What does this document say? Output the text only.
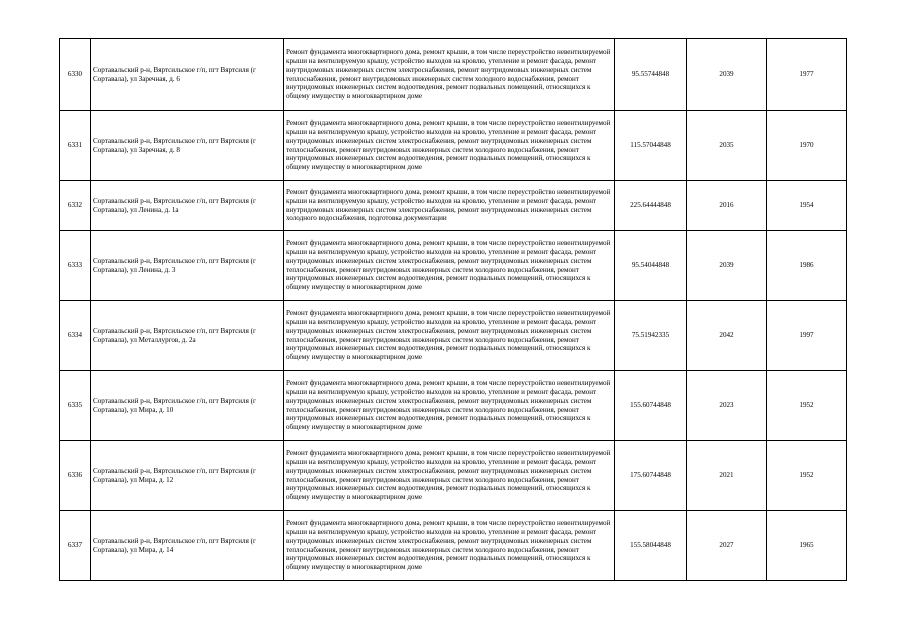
6330	Сортавальский р-н, Вяртсильское г/п, пгт Вяртсиля (г Сортавала), ул Заречная, д. 6	Ремонт фундамента многоквартирного дома, ремонт крыши, в том числе переустройство невентилируемой крыши на вентилируемую крышу, устройство выходов на кровлю, утепление и ремонт фасада, ремонт внутридомовых инженерных систем электроснабжения, ремонт внутридомовых инженерных систем теплоснабжения, ремонт внутридомовых инженерных систем холодного водоснабжения, ремонт внутридомовых инженерных систем водоотведения, ремонт подвальных помещений, относящихся к общему имуществу в многоквартирном доме	95.55744848	2039	1977
6331	Сортавальский р-н, Вяртсильское г/п, пгт Вяртсиля (г Сортавала), ул Заречная, д. 8	Ремонт фундамента многоквартирного дома, ремонт крыши, в том числе переустройство невентилируемой крыши на вентилируемую крышу, устройство выходов на кровлю, утепление и ремонт фасада, ремонт внутридомовых инженерных систем электроснабжения, ремонт внутридомовых инженерных систем теплоснабжения, ремонт внутридомовых инженерных систем холодного водоснабжения, ремонт внутридомовых инженерных систем водоотведения, ремонт подвальных помещений, относящихся к общему имуществу в многоквартирном доме	115.57044848	2035	1970
6332	Сортавальский р-н, Вяртсильское г/п, пгт Вяртсиля (г Сортавала), ул Ленина, д. 1а	Ремонт фундамента многоквартирного дома, ремонт крыши, в том числе переустройство невентилируемой крыши на вентилируемую крышу, устройство выходов на кровлю, утепление и ремонт фасада, ремонт внутридомовых инженерных систем электроснабжения, ремонт внутридомовых инженерных систем холодного водоснабжения, подготовка документации	225.64444848	2016	1954
6333	Сортавальский р-н, Вяртсильское г/п, пгт Вяртсиля (г Сортавала), ул Ленина, д. 3	Ремонт фундамента многоквартирного дома, ремонт крыши, в том числе переустройство невентилируемой крыши на вентилируемую крышу, устройство выходов на кровлю, утепление и ремонт фасада, ремонт внутридомовых инженерных систем электроснабжения, ремонт внутридомовых инженерных систем теплоснабжения, ремонт внутридомовых инженерных систем холодного водоснабжения, ремонт внутридомовых инженерных систем водоотведения, ремонт подвальных помещений, относящихся к общему имуществу в многоквартирном доме	95.54044848	2039	1986
6334	Сортавальский р-н, Вяртсильское г/п, пгт Вяртсиля (г Сортавала), ул Металлургов, д. 2а	Ремонт фундамента многоквартирного дома, ремонт крыши, в том числе переустройство невентилируемой крыши на вентилируемую крышу, устройство выходов на кровлю, утепление и ремонт фасада, ремонт внутридомовых инженерных систем электроснабжения, ремонт внутридомовых инженерных систем теплоснабжения, ремонт внутридомовых инженерных систем холодного водоснабжения, ремонт внутридомовых инженерных систем водоотведения, ремонт подвальных помещений, относящихся к общему имуществу в многоквартирном доме	75.51942335	2042	1997
6335	Сортавальский р-н, Вяртсильское г/п, пгт Вяртсиля (г Сортавала), ул Мира, д. 10	Ремонт фундамента многоквартирного дома, ремонт крыши, в том числе переустройство невентилируемой крыши на вентилируемую крышу, устройство выходов на кровлю, утепление и ремонт фасада, ремонт внутридомовых инженерных систем электроснабжения, ремонт внутридомовых инженерных систем теплоснабжения, ремонт внутридомовых инженерных систем холодного водоснабжения, ремонт внутридомовых инженерных систем водоотведения, ремонт подвальных помещений, относящихся к общему имуществу в многоквартирном доме	155.60744848	2023	1952
6336	Сортавальский р-н, Вяртсильское г/п, пгт Вяртсиля (г Сортавала), ул Мира, д. 12	Ремонт фундамента многоквартирного дома, ремонт крыши, в том числе переустройство невентилируемой крыши на вентилируемую крышу, устройство выходов на кровлю, утепление и ремонт фасада, ремонт внутридомовых инженерных систем электроснабжения, ремонт внутридомовых инженерных систем теплоснабжения, ремонт внутридомовых инженерных систем холодного водоснабжения, ремонт внутридомовых инженерных систем водоотведения, ремонт подвальных помещений, относящихся к общему имуществу в многоквартирном доме	175.60744848	2021	1952
6337	Сортавальский р-н, Вяртсильское г/п, пгт Вяртсиля (г Сортавала), ул Мира, д. 14	Ремонт фундамента многоквартирного дома, ремонт крыши, в том числе переустройство невентилируемой крыши на вентилируемую крышу, устройство выходов на кровлю, утепление и ремонт фасада, ремонт внутридомовых инженерных систем электроснабжения, ремонт внутридомовых инженерных систем теплоснабжения, ремонт внутридомовых инженерных систем холодного водоснабжения, ремонт внутридомовых инженерных систем водоотведения, ремонт подвальных помещений, относящихся к общему имуществу в многоквартирном доме	155.58044848	2027	1965
